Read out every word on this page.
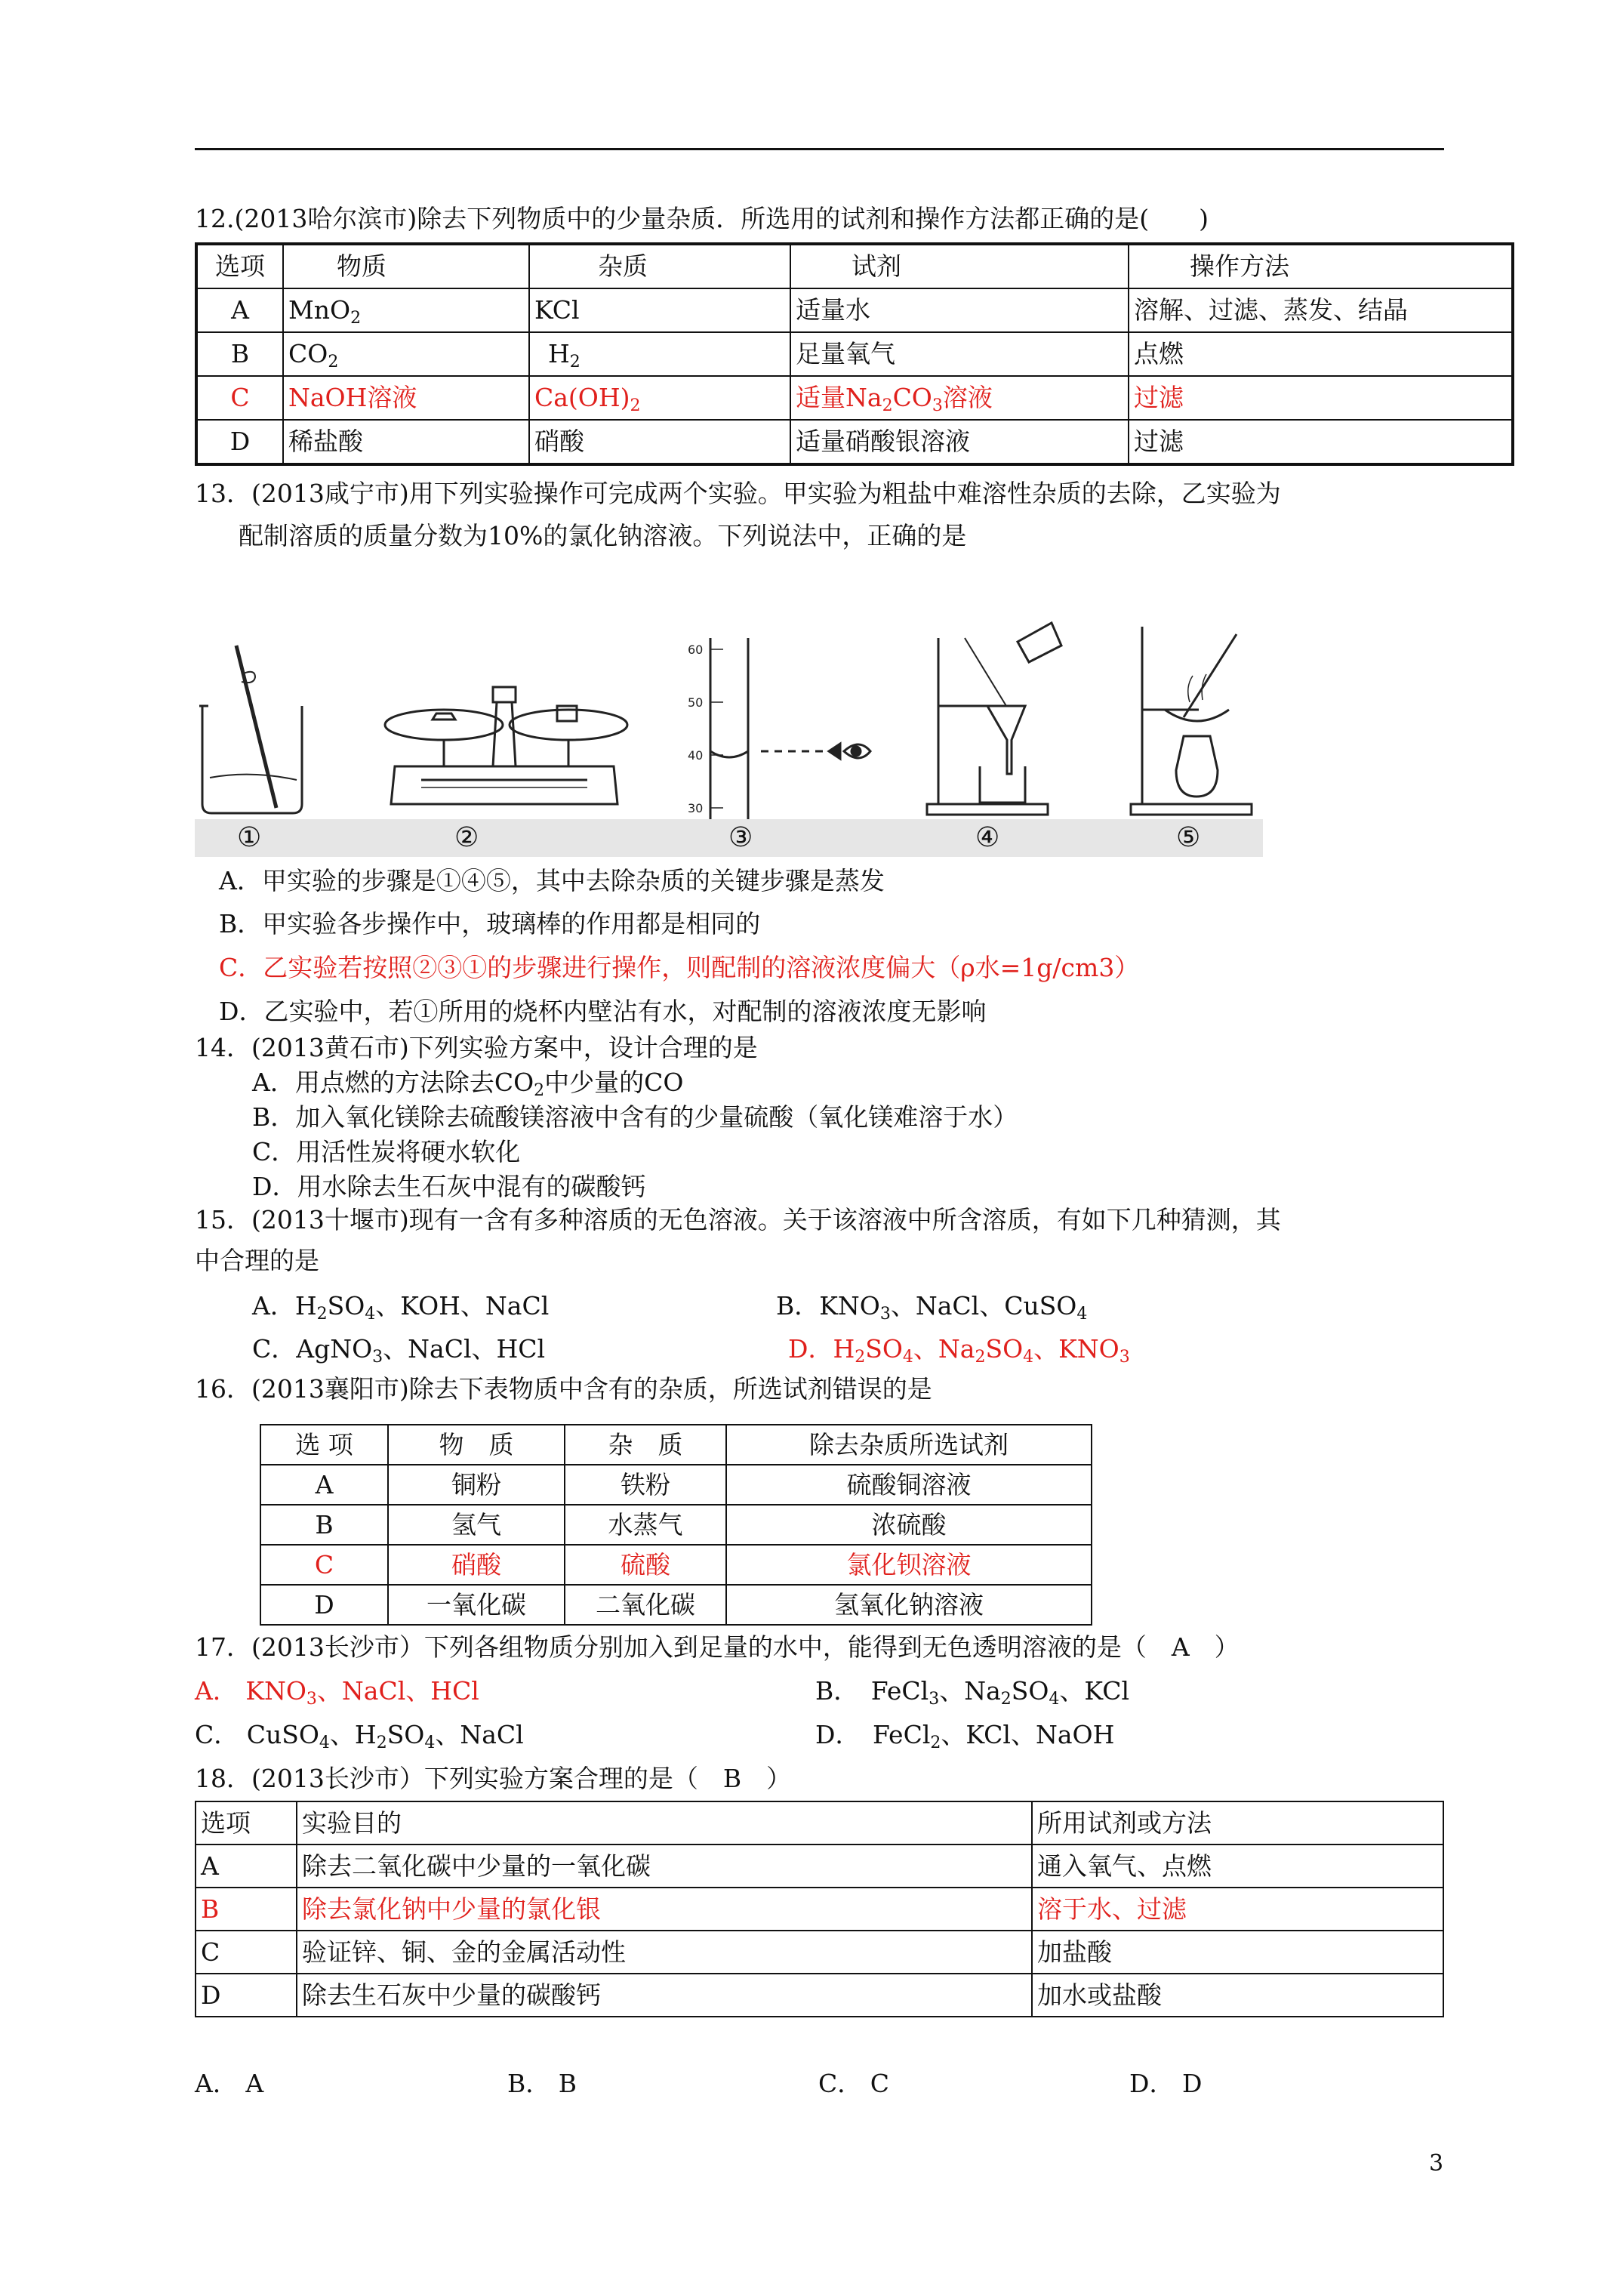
12.(2013哈尔滨市)除去下列物质中的少量杂质．所选用的试剂和操作方法都正确的是(　　)
选项	物质	杂质	试剂	操作方法
A	MnO$_2$	KCl	适量水	溶解、过滤、蒸发、结晶
B	$CO_2$	$H_2$	足量氧气	点燃
C	NaOH溶液	$Ca(OH)_2$	适量$Na_2CO_3$溶液	过滤
D	稀盐酸	硝酸	适量硝酸银溶液	过滤
13．(2013咸宁市)用下列实验操作可完成两个实验。甲实验为粗盐中难溶性杂质的去除，乙实验为
配制溶质的质量分数为10%的氯化钠溶液。下列说法中，正确的是
60
50
40
30
①	②	③	④	⑤
A．甲实验的步骤是①④⑤，其中去除杂质的关键步骤是蒸发
B．甲实验各步操作中，玻璃棒的作用都是相同的
C．乙实验若按照②③①的步骤进行操作，则配制的溶液浓度偏大（ρ水=1g/cm3）
D．乙实验中，若①所用的烧杯内壁沾有水，对配制的溶液浓度无影响
14．(2013黄石市)下列实验方案中，设计合理的是
A．用点燃的方法除去$CO_2$中少量的CO
B．加入氧化镁除去硫酸镁溶液中含有的少量硫酸（氧化镁难溶于水）
C．用活性炭将硬水软化
D．用水除去生石灰中混有的碳酸钙
15．(2013十堰市)现有一含有多种溶质的无色溶液。关于该溶液中所含溶质，有如下几种猜测，其
中合理的是
A．$H_2SO_4$、KOH、NaCl	B．$KNO_3$、NaCl、CuSO$_4$
C．AgNO$_3$、NaCl、HCl	D．$H_2SO_4$、$Na_2SO_4$、$KNO_3$
16．(2013襄阳市)除去下表物质中含有的杂质，所选试剂错误的是
选 项	物　质	杂　质	除去杂质所选试剂
A	铜粉	铁粉	硫酸铜溶液
B	氢气	水蒸气	浓硫酸
C	硝酸	硫酸	氯化钡溶液
D	一氧化碳	二氧化碳	氢氧化钠溶液
17．(2013长沙市）下列各组物质分别加入到足量的水中，能得到无色透明溶液的是（　A　）
A． $KNO_3$、NaCl、HCl	B．　FeCl$_3$、$Na_2SO_4$、KCl
C． CuSO$_4$、$H_2SO_4$、NaCl	D．　FeCl$_2$、KCl、NaOH
18．(2013长沙市）下列实验方案合理的是（　B　）
选项	实验目的	所用试剂或方法
A	除去二氧化碳中少量的一氧化碳	通入氧气、点燃
B	除去氯化钠中少量的氯化银	溶于水、过滤
C	验证锌、铜、金的金属活动性	加盐酸
D	除去生石灰中少量的碳酸钙	加水或盐酸
A． A	B． B	C． C	D． D
3
